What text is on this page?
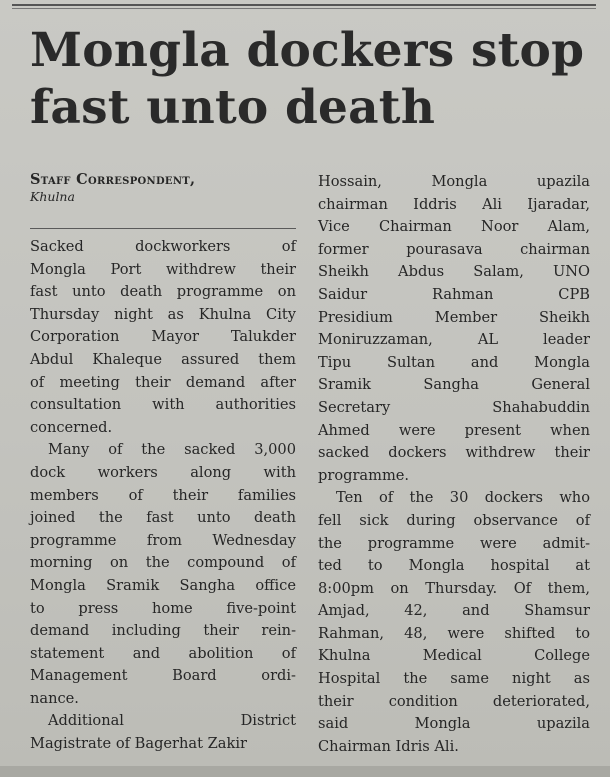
Mongla dockers stop fast unto death

Staff Correspondent,

Khulna

Sacked dockworkers of
Mongla Port withdrew their
fast unto death programme on
Thursday night as Khulna City
Corporation Mayor Talukder
Abdul Khaleque assured them
of meeting their demand after
consultation with authorities
concerned.
Many of the sacked 3,000
dock workers along with
members of their families
joined the fast unto death
programme from Wednesday
morning on the compound of
Mongla Sramik Sangha office
to press home five-point
demand including their rein-
statement and abolition of
Management Board ordi-
nance.
Additional District
Magistrate of Bagerhat Zakir
Hossain, Mongla upazila
chairman Iddris Ali Ijaradar,
Vice Chairman Noor Alam,
former pourasava chairman
Sheikh Abdus Salam, UNO
Saidur Rahman CPB
Presidium Member Sheikh
Moniruzzaman, AL leader
Tipu Sultan and Mongla
Sramik Sangha General
Secretary Shahabuddin
Ahmed were present when
sacked dockers withdrew their
programme.
Ten of the 30 dockers who
fell sick during observance of
the programme were admit-
ted to Mongla hospital at
8:00pm on Thursday. Of them,
Amjad, 42, and Shamsur
Rahman, 48, were shifted to
Khulna Medical College
Hospital the same night as
their condition deteriorated,
said Mongla upazila
Chairman Idris Ali.
